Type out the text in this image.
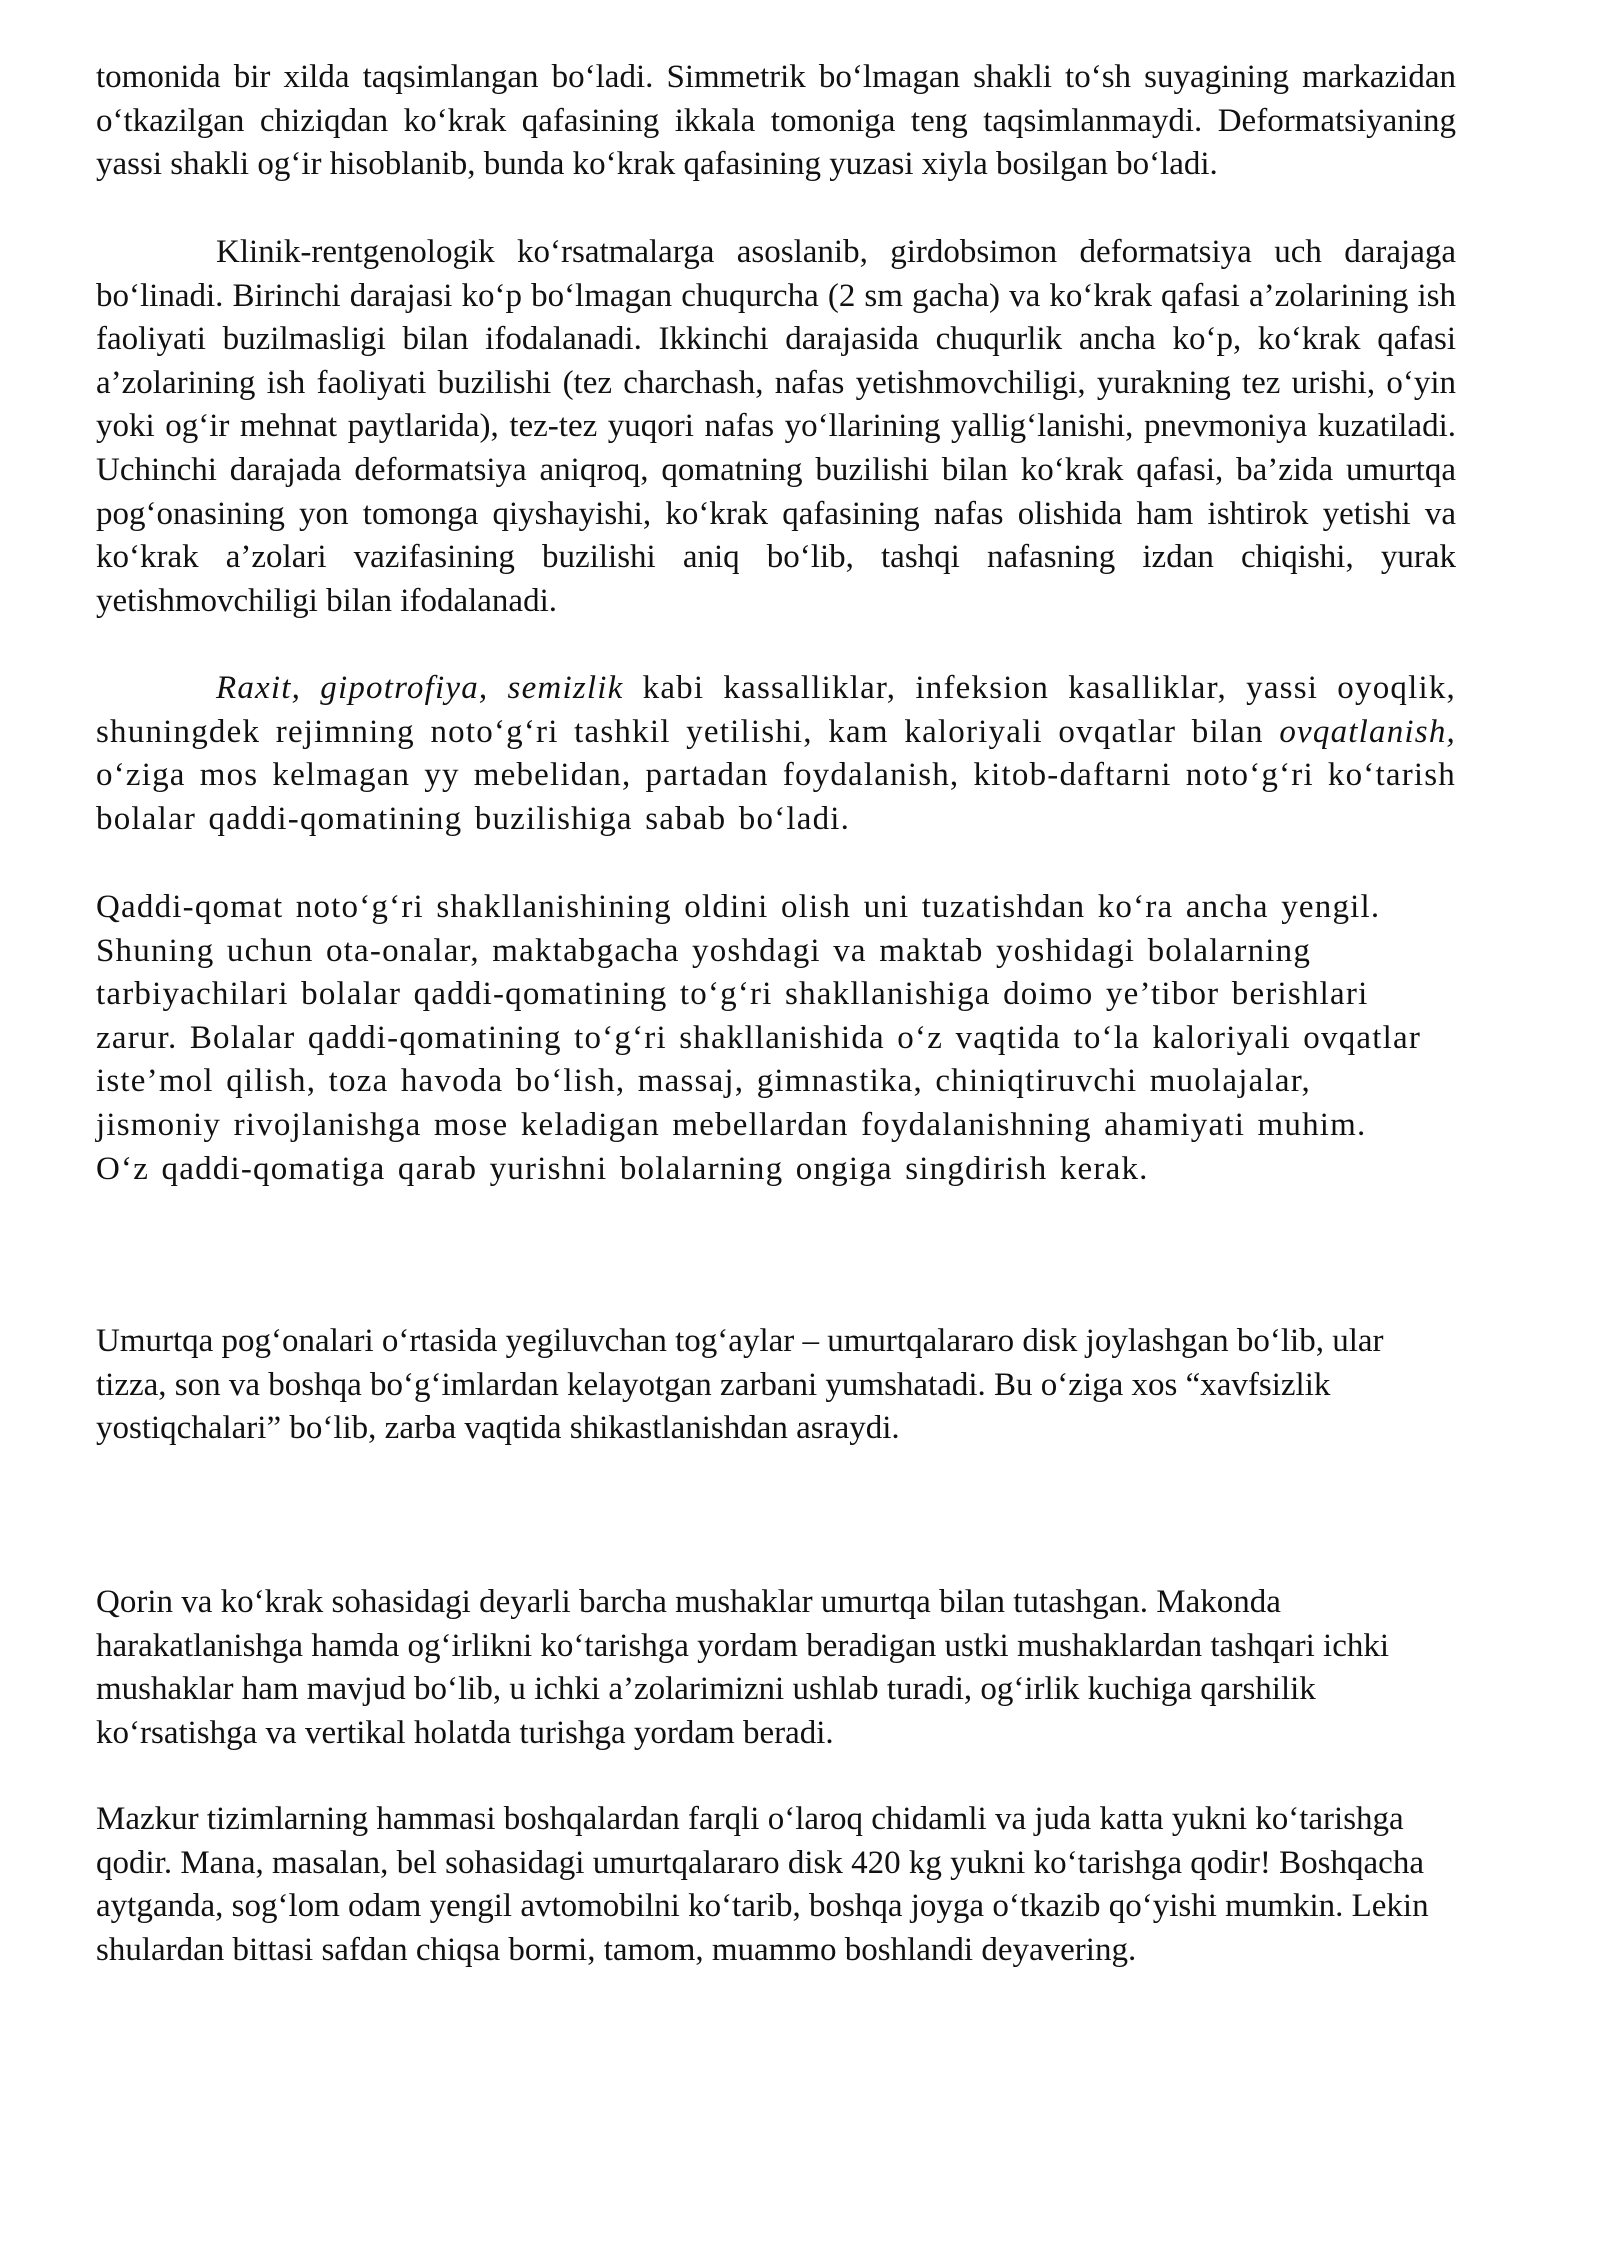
tomonida bir xilda taqsimlangan bo‘ladi. Simmetrik bo‘lmagan shakli to‘sh suyagining markazidan o‘tkazilgan chiziqdan ko‘krak qafasining ikkala tomoniga teng taqsimlanmaydi. Deformatsiyaning yassi shakli og‘ir hisoblanib, bunda ko‘krak qafasining yuzasi xiyla bosilgan bo‘ladi.

Klinik-rentgenologik ko‘rsatmalarga asoslanib, girdobsimon deformatsiya uch darajaga bo‘linadi. Birinchi darajasi ko‘p bo‘lmagan chuqurcha (2 sm gacha) va ko‘krak qafasi a’zolarining ish faoliyati buzilmasligi bilan ifodalanadi. Ikkinchi darajasida chuqurlik ancha ko‘p, ko‘krak qafasi a’zolarining ish faoliyati buzilishi (tez charchash, nafas yetishmovchiligi, yurakning tez urishi, o‘yin yoki og‘ir mehnat paytlarida), tez-tez yuqori nafas yo‘llarining yallig‘lanishi, pnevmoniya kuzatiladi. Uchinchi darajada deformatsiya aniqroq, qomatning buzilishi bilan ko‘krak qafasi, ba’zida umurtqa pog‘onasining yon tomonga qiyshayishi, ko‘krak qafasining nafas olishida ham ishtirok yetishi va ko‘krak a’zolari vazifasining buzilishi aniq bo‘lib, tashqi nafasning izdan chiqishi, yurak yetishmovchiligi bilan ifodalanadi.

Raxit, gipotrofiya, semizlik kabi kassalliklar, infeksion kasalliklar, yassi oyoqlik, shuningdek rejimning noto‘g‘ri tashkil yetilishi, kam kaloriyali ovqatlar bilan ovqatlanish, o‘ziga mos kelmagan yy mebelidan, partadan foydalanish, kitob-daftarni noto‘g‘ri ko‘tarish bolalar qaddi-qomatining buzilishiga sabab bo‘ladi.

Qaddi-qomat noto‘g‘ri shakllanishining oldini olish uni tuzatishdan ko‘ra ancha yengil. Shuning uchun ota-onalar, maktabgacha yoshdagi va maktab yoshidagi bolalarning tarbiyachilari bolalar qaddi-qomatining to‘g‘ri shakllanishiga doimo ye’tibor berishlari zarur. Bolalar qaddi-qomatining to‘g‘ri shakllanishida o‘z vaqtida to‘la kaloriyali ovqatlar iste’mol qilish, toza havoda bo‘lish, massaj, gimnastika, chiniqtiruvchi muolajalar, jismoniy rivojlanishga mose keladigan mebellardan foydalanishning ahamiyati muhim. O‘z qaddi-qomatiga qarab yurishni bolalarning ongiga singdirish kerak.

Umurtqa pog‘onalari o‘rtasida yegiluvchan tog‘aylar – umurtqalararo disk joylashgan bo‘lib, ular tizza, son va boshqa bo‘g‘imlardan kelayotgan zarbani yumshatadi. Bu o‘ziga xos “xavfsizlik yostiqchalari” bo‘lib, zarba vaqtida shikastlanishdan asraydi.

Qorin va ko‘krak sohasidagi deyarli barcha mushaklar umurtqa bilan tutashgan. Makonda harakatlanishga hamda og‘irlikni ko‘tarishga yordam beradigan ustki mushaklardan tashqari ichki mushaklar ham mavjud bo‘lib, u ichki a’zolarimizni ushlab turadi, og‘irlik kuchiga qarshilik ko‘rsatishga va vertikal holatda turishga yordam beradi.

Mazkur tizimlarning hammasi boshqalardan farqli o‘laroq chidamli va juda katta yukni ko‘tarishga qodir. Mana, masalan, bel sohasidagi umurtqalararo disk 420 kg yukni ko‘tarishga qodir! Boshqacha aytganda, sog‘lom odam yengil avtomobilni ko‘tarib, boshqa joyga o‘tkazib qo‘yishi mumkin. Lekin shulardan bittasi safdan chiqsa bormi, tamom, muammo boshlandi deyavering.
